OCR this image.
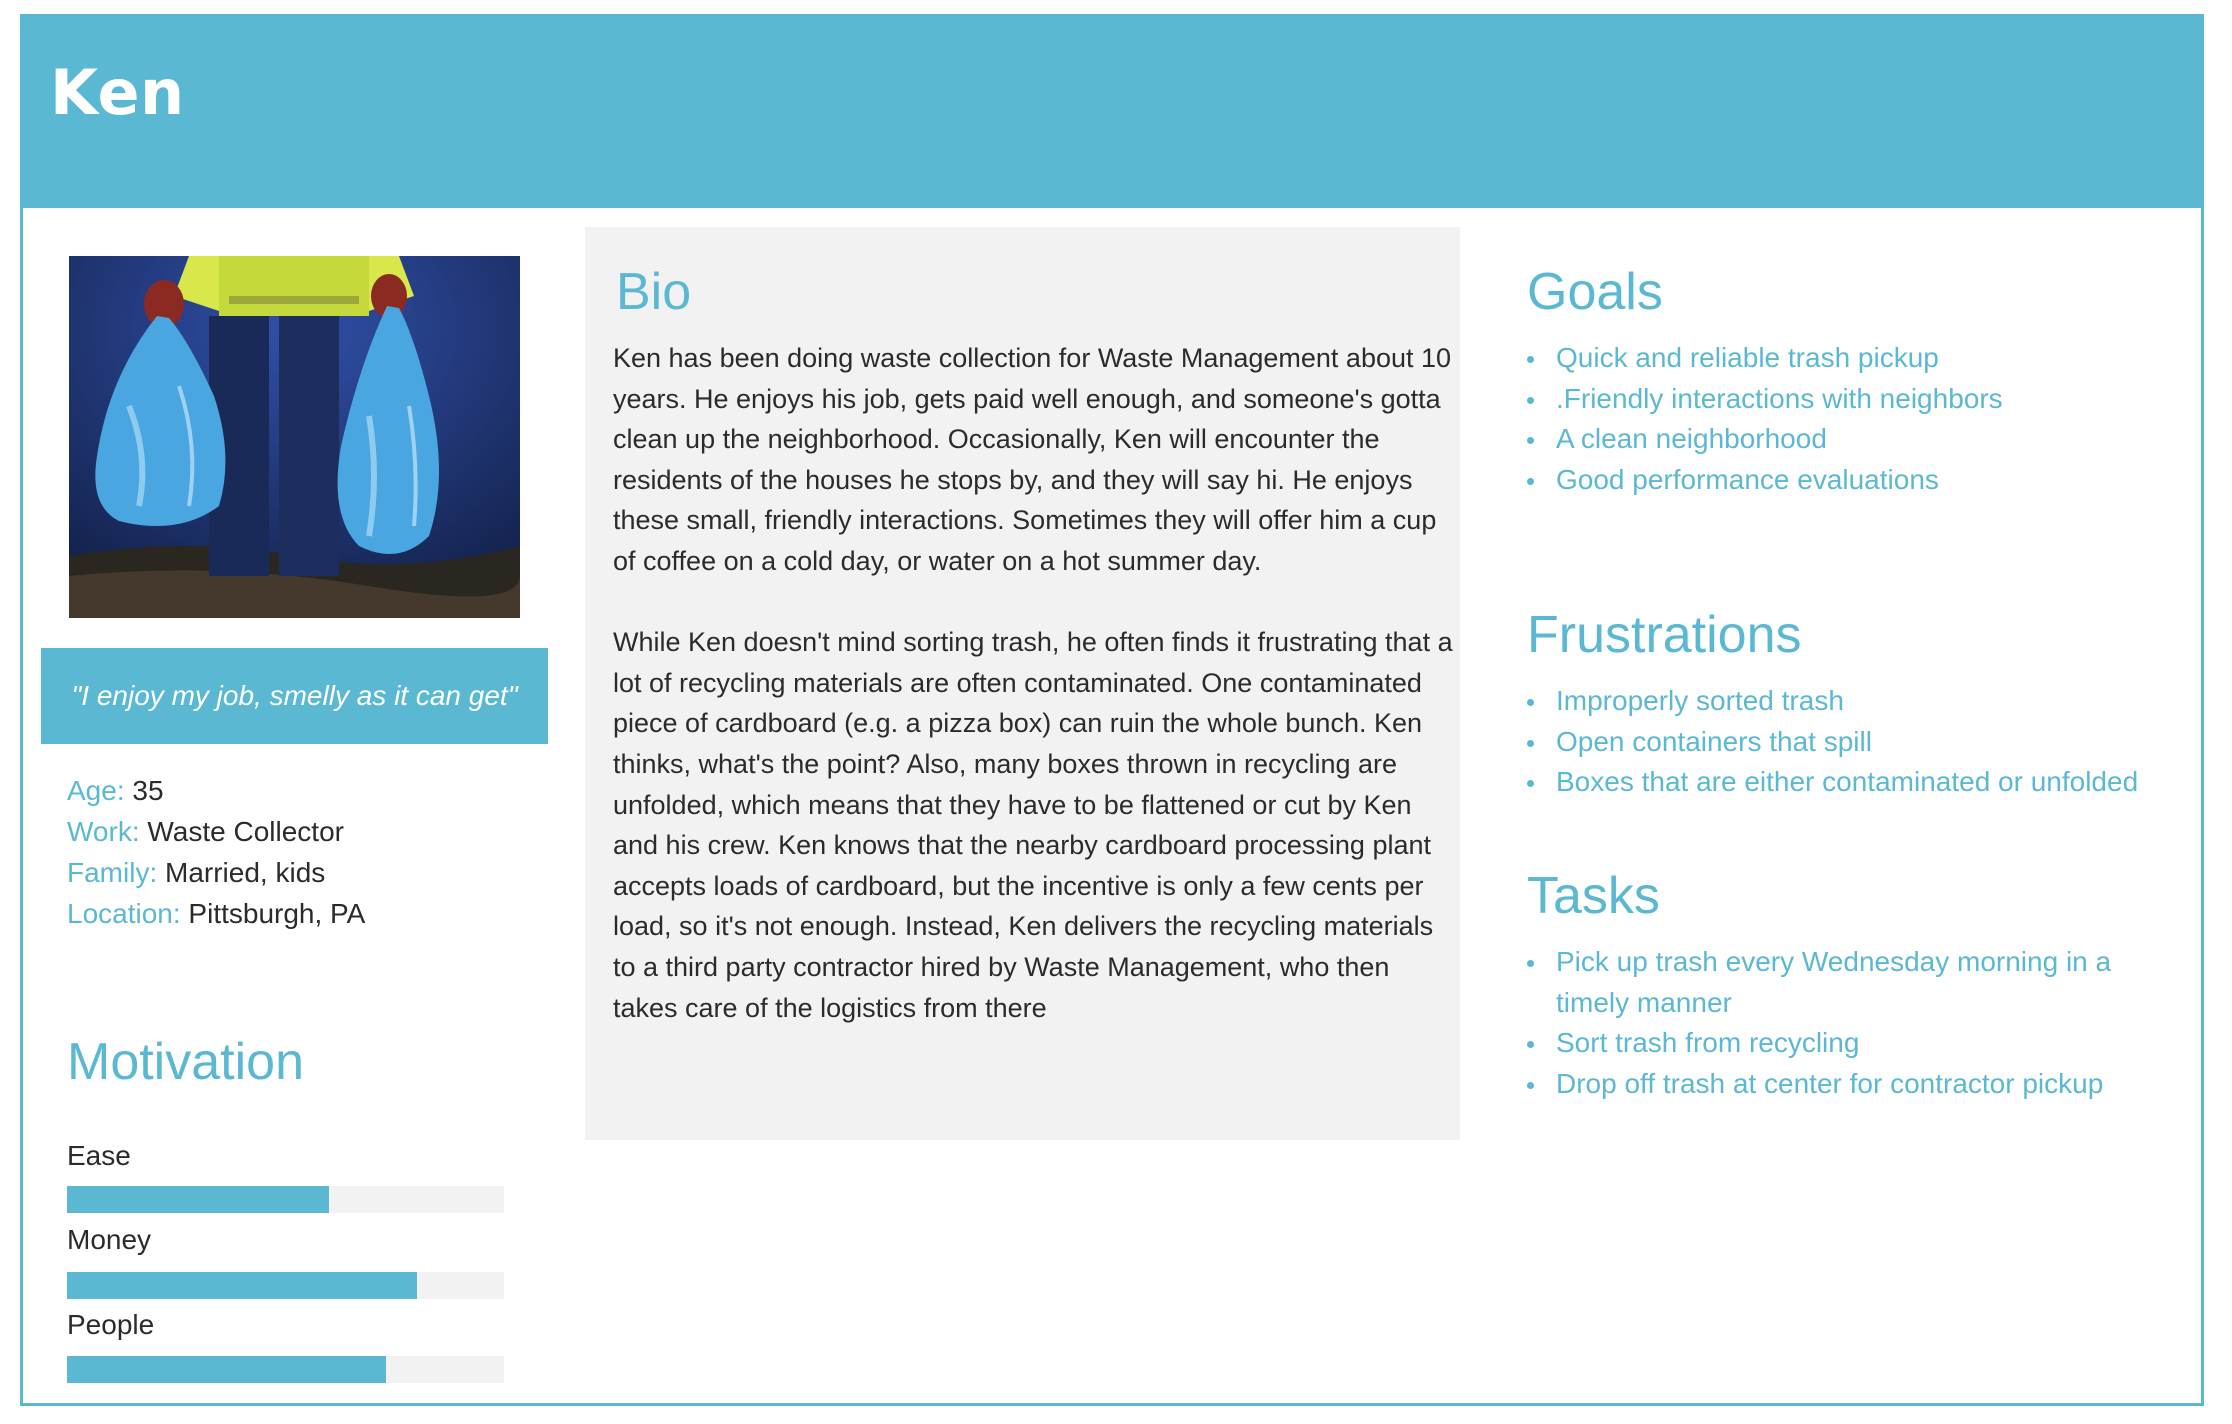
Ken
"I enjoy my job, smelly as it can get"
Age: 35
Work: Waste Collector
Family: Married, kids
Location: Pittsburgh, PA
Motivation
Ease
Money
People
Bio

Ken has been doing waste collection for Waste Management about 10 years. He enjoys his job, gets paid well enough, and someone's gotta clean up the neighborhood. Occasionally, Ken will encounter the residents of the houses he stops by, and they will say hi. He enjoys these small, friendly interactions. Sometimes they will offer him a cup of coffee on a cold day, or water on a hot summer day.

While Ken doesn't mind sorting trash, he often finds it frustrating that a lot of recycling materials are often contaminated. One contaminated piece of cardboard (e.g. a pizza box) can ruin the whole bunch. Ken thinks, what's the point? Also, many boxes thrown in recycling are unfolded, which means that they have to be flattened or cut by Ken and his crew. Ken knows that the nearby cardboard processing plant accepts loads of cardboard, but the incentive is only a few cents per load, so it's not enough. Instead, Ken delivers the recycling materials to a third party contractor hired by Waste Management, who then takes care of the logistics from there

Goals
Quick and reliable trash pickup
.Friendly interactions with neighbors
A clean neighborhood
Good performance evaluations
Frustrations
Improperly sorted trash
Open containers that spill
Boxes that are either contaminated or unfolded
Tasks
Pick up trash every Wednesday morning in a timely manner
Sort trash from recycling
Drop off trash at center for contractor pickup
